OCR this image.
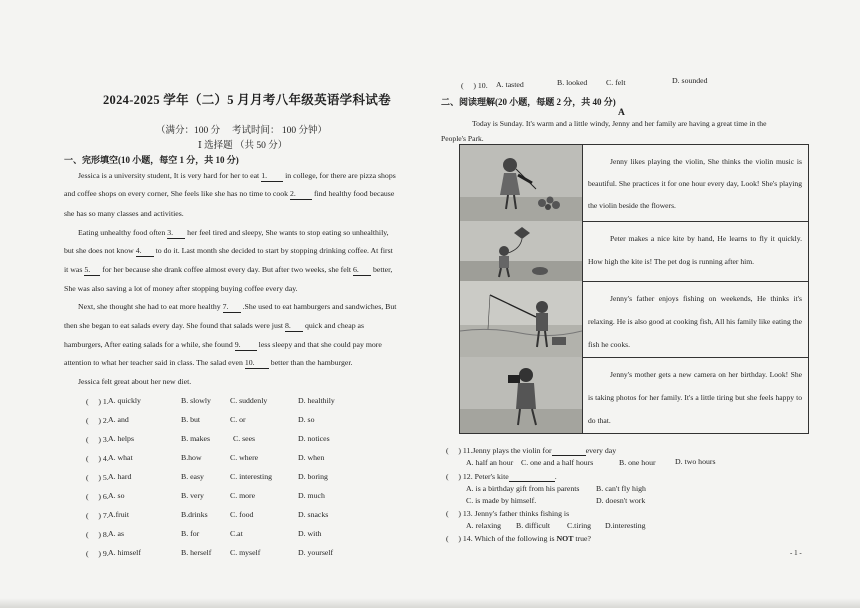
2024-2025 学年（二）5 月月考八年级英语学科试卷
（满分：100 分　 考试时间： 100 分钟）
Ⅰ 选择题 （共 50 分）
一、完形填空(10 小题，每空 1 分，共 10 分)
Jessica is a university student, It is very hard for her to eat 1. in college, for there are pizza shops
and coffee shops on every corner, She feels like she has no time to cook 2. find healthy food because
she has so many classes and activities.
Eating unhealthy food often 3. her feel tired and sleepy, She wants to stop eating so unhealthily,
but she does not know 4. to do it. Last month she decided to start by stopping drinking coffee. At first
it was 5. for her because she drank coffee almost every day. But after two weeks, she felt 6. better,
She was also saving a lot of money after stopping buying coffee every day.
Next, she thought she had to eat more healthy 7. .She used to eat hamburgers and sandwiches, But
then she began to eat salads every day. She found that salads were just 8. quick and cheap as
hamburgers, After eating salads for a while, she found 9. less sleepy and that she could pay more
attention to what her teacher said in class. The salad even 10. better than the hamburger.
Jessica felt great about her new diet.
(　 ) 1. A. quickly	B. slowly C. suddenly	D. healthily
(　 ) 2. A. and	B. but	C. or	D. so
(　 ) 3. A. helps	B. makes	C. sees	D. notices
(　 ) 4. A. what	B.how	C. where	D. when
(　 ) 5. A. hard	B. easy	C. interesting	D. boring
(　 ) 6. A. so	B. very	C. more	D. much
(　 ) 7. A.fruit	B.drinks	C. food	D. snacks
(　 ) 8. A. as	B. for	C.at	D. with
(　 ) 9. A. himself	B. herself C. myself	D. yourself
(　 ) 10. A. tasted	B. looked C. felt	D. sounded
二、阅读理解(20 小题，每题 2 分，共 40 分)
A
Today is Sunday. It's warm and a little windy, Jenny and her family are having a great time in the
People's Park.
Jenny likes playing the violin, She thinks the violin music is beautiful. She practices it for one hour every day, Look! She's playing the violin beside the flowers.
Peter makes a nice kite by hand, He learns to fly it quickly. How high the kite is! The pet dog is running after him.
Jenny's father enjoys fishing on weekends, He thinks it's relaxing. He is also good at cooking fish, All his family like eating the fish he cooks.
Jenny's mother gets a new camera on her birthday. Look! She is taking photos for her family. It's a little tiring but she feels happy to do that.
(　 ) 11.Jenny plays the violin for	every day
A. half an hour C. one and a half hours	B. one hour D. two hours
(　 ) 12. Peter's kite	.
A. is a birthday gift from his parents B. can't fly high
C. is made by himself.	D. doesn't work
(　 ) 13. Jenny's father thinks fishing is
A. relaxing B. difficult C.tiring D.interesting
(　 ) 14. Which of the following is NOT true?
- 1 -
